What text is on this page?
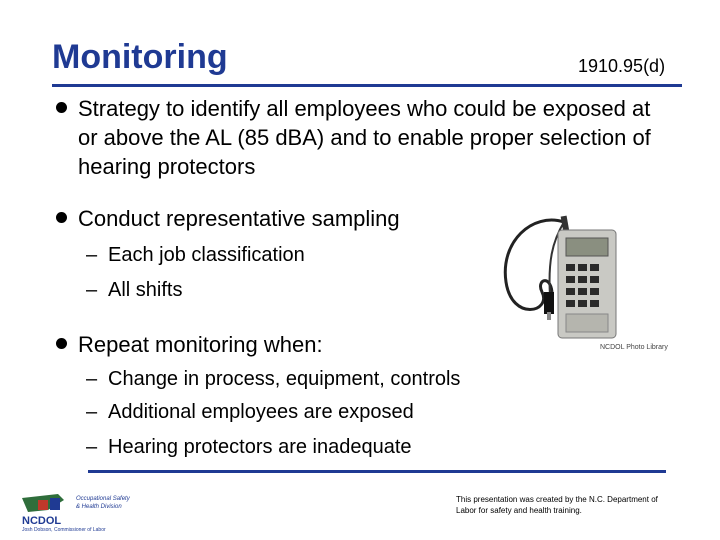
Monitoring	1910.95(d)
Strategy to identify all employees who could be exposed at or above the AL (85 dBA) and to enable proper selection of hearing protectors
Conduct representative sampling
– Each job classification
– All shifts
Repeat monitoring when:
– Change in process, equipment, controls
– Additional employees are exposed
– Hearing protectors are inadequate
NCDOL Photo Library
NCDOL
Occupational Safety
& Health Division
Josh Dobson, Commissioner of Labor
This presentation was created by the N.C. Department of Labor for safety and health training.
